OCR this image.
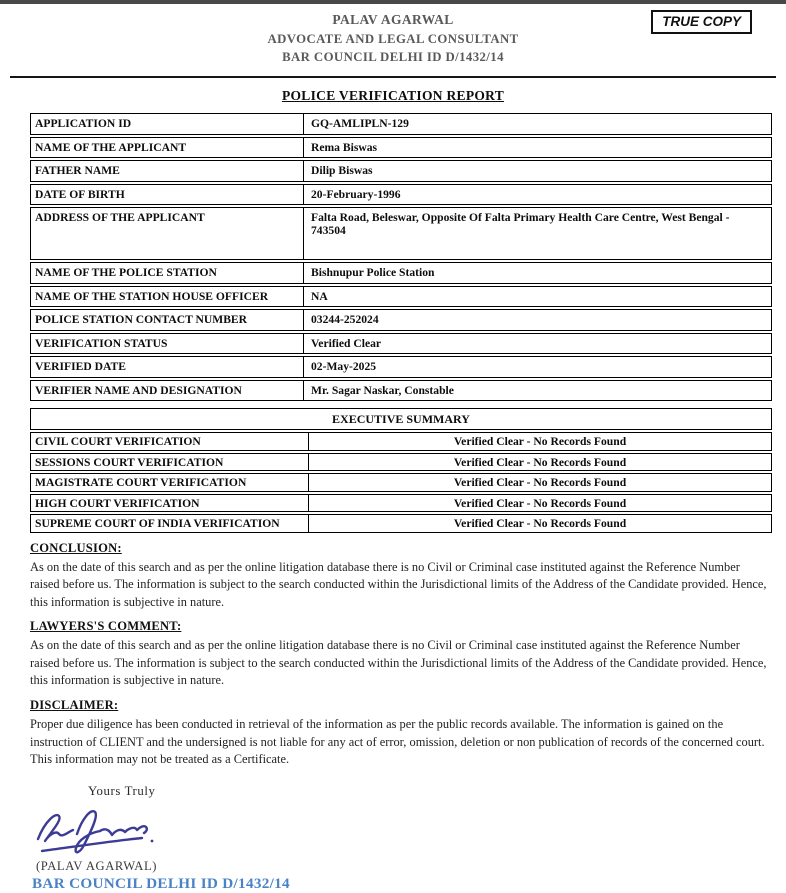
TRUE COPY
PALAV AGARWAL
ADVOCATE AND LEGAL CONSULTANT
BAR COUNCIL DELHI ID D/1432/14
POLICE VERIFICATION REPORT
APPLICATION ID	GQ-AMLIPLN-129
NAME OF THE APPLICANT	Rema Biswas
FATHER NAME	Dilip Biswas
DATE OF BIRTH	20-February-1996
ADDRESS OF THE APPLICANT	Falta Road, Beleswar, Opposite Of Falta Primary Health Care Centre, West Bengal - 743504
NAME OF THE POLICE STATION	Bishnupur Police Station
NAME OF THE STATION HOUSE OFFICER	NA
POLICE STATION CONTACT NUMBER	03244-252024
VERIFICATION STATUS	Verified Clear
VERIFIED DATE	02-May-2025
VERIFIER NAME AND DESIGNATION	Mr. Sagar Naskar, Constable
EXECUTIVE SUMMARY
CIVIL COURT VERIFICATION	Verified Clear - No Records Found
SESSIONS COURT VERIFICATION	Verified Clear - No Records Found
MAGISTRATE COURT VERIFICATION	Verified Clear - No Records Found
HIGH COURT VERIFICATION	Verified Clear - No Records Found
SUPREME COURT OF INDIA VERIFICATION	Verified Clear - No Records Found
CONCLUSION:
As on the date of this search and as per the online litigation database there is no Civil or Criminal case instituted against the Reference Number raised before us. The information is subject to the search conducted within the Jurisdictional limits of the Address of the Candidate provided. Hence, this information is subjective in nature.
LAWYERS'S COMMENT:
As on the date of this search and as per the online litigation database there is no Civil or Criminal case instituted against the Reference Number raised before us. The information is subject to the search conducted within the Jurisdictional limits of the Address of the Candidate provided. Hence, this information is subjective in nature.
DISCLAIMER:
Proper due diligence has been conducted in retrieval of the information as per the public records available. The information is gained on the instruction of CLIENT and the undersigned is not liable for any act of error, omission, deletion or non publication of records of the concerned court. This information may not be treated as a Certificate.
Yours Truly
(PALAV AGARWAL)
BAR COUNCIL DELHI ID D/1432/14
